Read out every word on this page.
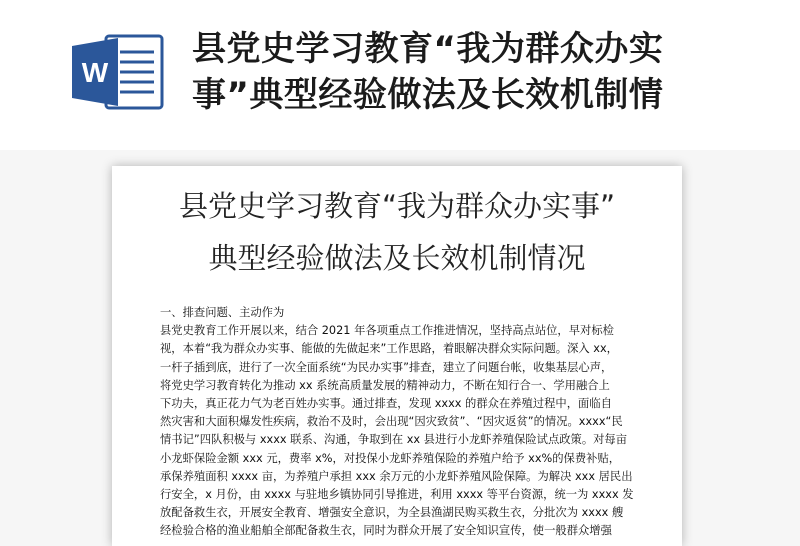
W
县党史学习教育“我为群众办实
事”典型经验做法及长效机制情
县党史学习教育“我为群众办实事”
典型经验做法及长效机制情况
一、排查问题、主动作为
县党史教育工作开展以来，结合 2021 年各项重点工作推进情况，坚持高点站位，早对标检
视，本着“我为群众办实事、能做的先做起来”工作思路，着眼解决群众实际问题。深入 xx，
一杆子插到底，进行了一次全面系统“为民办实事”排查，建立了问题台帐，收集基层心声，
将党史学习教育转化为推动 xx 系统高质量发展的精神动力，不断在知行合一、学用融合上
下功夫，真正花力气为老百姓办实事。通过排查，发现 xxxx 的群众在养殖过程中，面临自
然灾害和大面积爆发性疾病，救治不及时，会出现“因灾致贫”、“因灾返贫”的情况。xxxx“民
情书记”四队积极与 xxxx 联系、沟通，争取到在 xx 县进行小龙虾养殖保险试点政策。对每亩
小龙虾保险金额 xxx 元，费率 x%，对投保小龙虾养殖保险的养殖户给予 xx%的保费补贴，
承保养殖面积 xxxx 亩，为养殖户承担 xxx 余万元的小龙虾养殖风险保障。为解决 xxx 居民出
行安全，x 月份，由 xxxx 与驻地乡镇协同引导推进，利用 xxxx 等平台资源，统一为 xxxx 发
放配备救生衣，开展安全教育、增强安全意识，为全县渔湖民购买救生衣，分批次为 xxxx 艘
经检验合格的渔业船舶全部配备救生衣，同时为群众开展了安全知识宣传，使一般群众增强
